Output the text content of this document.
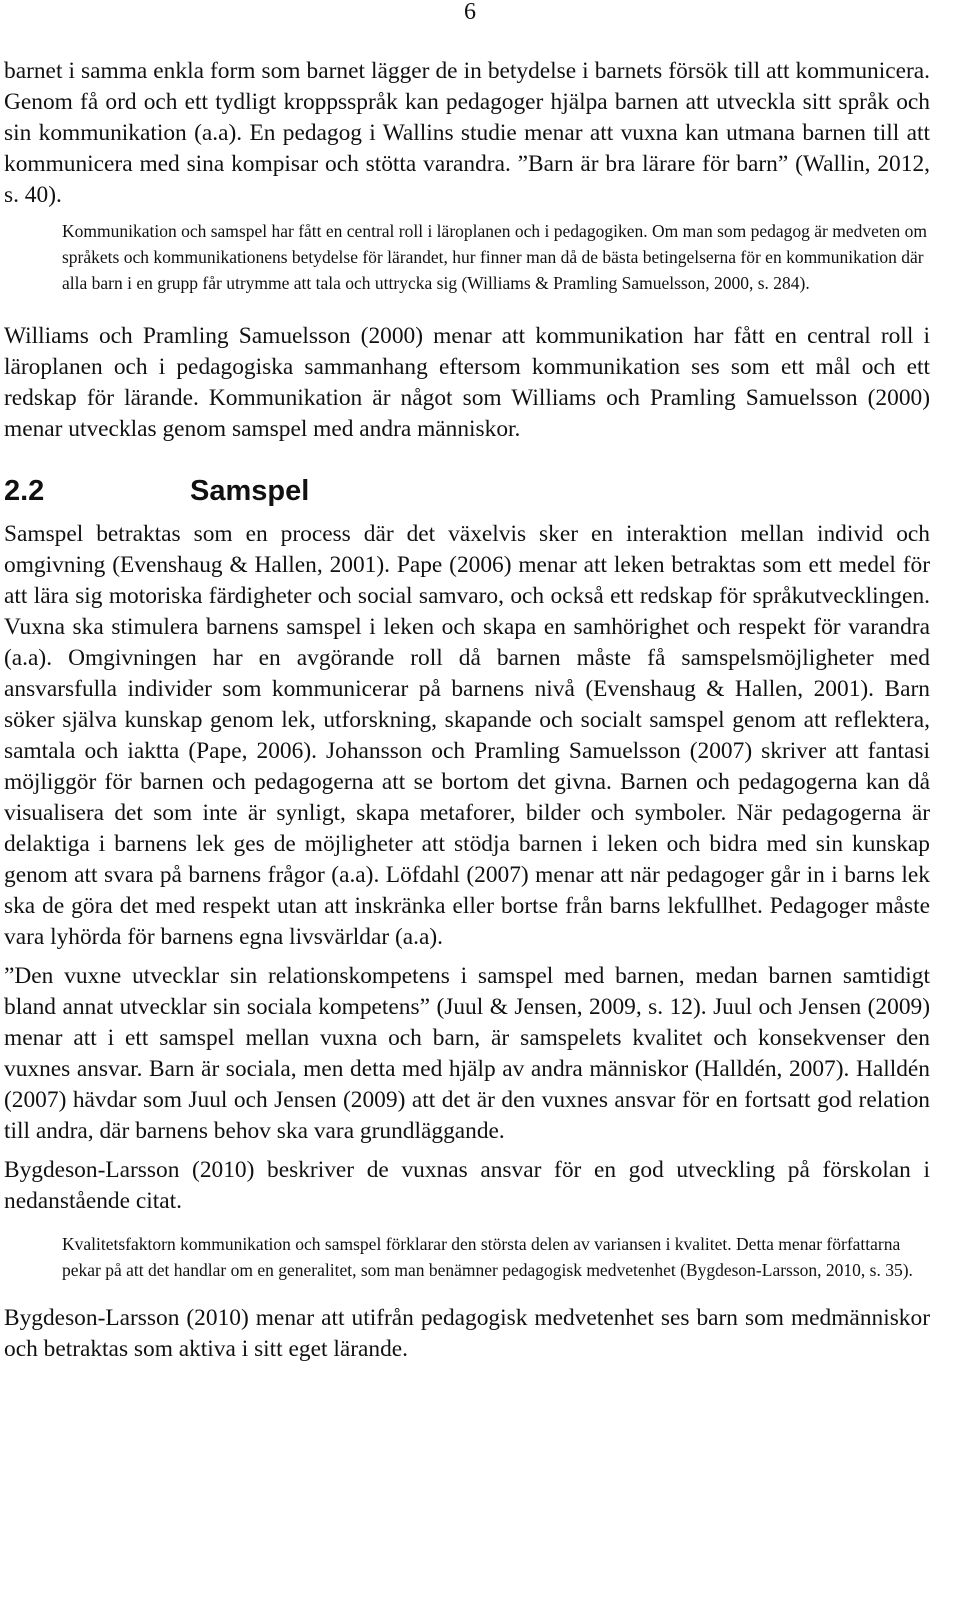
6

barnet i samma enkla form som barnet lägger de in betydelse i barnets försök till att kommunicera. Genom få ord och ett tydligt kroppsspråk kan pedagoger hjälpa barnen att utveckla sitt språk och sin kommunikation (a.a). En pedagog i Wallins studie menar att vuxna kan utmana barnen till att kommunicera med sina kompisar och stötta varandra. ”Barn är bra lärare för barn” (Wallin, 2012, s. 40).

Kommunikation och samspel har fått en central roll i läroplanen och i pedagogiken. Om man som pedagog är medveten om språkets och kommunikationens betydelse för lärandet, hur finner man då de bästa betingelserna för en kommunikation där alla barn i en grupp får utrymme att tala och uttrycka sig (Williams & Pramling Samuelsson, 2000, s. 284).

Williams och Pramling Samuelsson (2000) menar att kommunikation har fått en central roll i läroplanen och i pedagogiska sammanhang eftersom kommunikation ses som ett mål och ett redskap för lärande. Kommunikation är något som Williams och Pramling Samuelsson (2000) menar utvecklas genom samspel med andra människor.

2.2	Samspel

Samspel betraktas som en process där det växelvis sker en interaktion mellan individ och omgivning (Evenshaug & Hallen, 2001). Pape (2006) menar att leken betraktas som ett medel för att lära sig motoriska färdigheter och social samvaro, och också ett redskap för språkutvecklingen. Vuxna ska stimulera barnens samspel i leken och skapa en samhörighet och respekt för varandra (a.a). Omgivningen har en avgörande roll då barnen måste få samspelsmöjligheter med ansvarsfulla individer som kommunicerar på barnens nivå (Evenshaug & Hallen, 2001). Barn söker själva kunskap genom lek, utforskning, skapande och socialt samspel genom att reflektera, samtala och iaktta (Pape, 2006). Johansson och Pramling Samuelsson (2007) skriver att fantasi möjliggör för barnen och pedagogerna att se bortom det givna. Barnen och pedagogerna kan då visualisera det som inte är synligt, skapa metaforer, bilder och symboler. När pedagogerna är delaktiga i barnens lek ges de möjligheter att stödja barnen i leken och bidra med sin kunskap genom att svara på barnens frågor (a.a). Löfdahl (2007) menar att när pedagoger går in i barns lek ska de göra det med respekt utan att inskränka eller bortse från barns lekfullhet. Pedagoger måste vara lyhörda för barnens egna livsvärldar (a.a).

”Den vuxne utvecklar sin relationskompetens i samspel med barnen, medan barnen samtidigt bland annat utvecklar sin sociala kompetens” (Juul & Jensen, 2009, s. 12). Juul och Jensen (2009) menar att i ett samspel mellan vuxna och barn, är samspelets kvalitet och konsekvenser den vuxnes ansvar. Barn är sociala, men detta med hjälp av andra människor (Halldén, 2007). Halldén (2007) hävdar som Juul och Jensen (2009) att det är den vuxnes ansvar för en fortsatt god relation till andra, där barnens behov ska vara grundläggande.

Bygdeson-Larsson (2010) beskriver de vuxnas ansvar för en god utveckling på förskolan i nedanstående citat.

Kvalitetsfaktorn kommunikation och samspel förklarar den största delen av variansen i kvalitet. Detta menar författarna pekar på att det handlar om en generalitet, som man benämner pedagogisk medvetenhet (Bygdeson-Larsson, 2010, s. 35).

Bygdeson-Larsson (2010) menar att utifrån pedagogisk medvetenhet ses barn som medmänniskor och betraktas som aktiva i sitt eget lärande.
